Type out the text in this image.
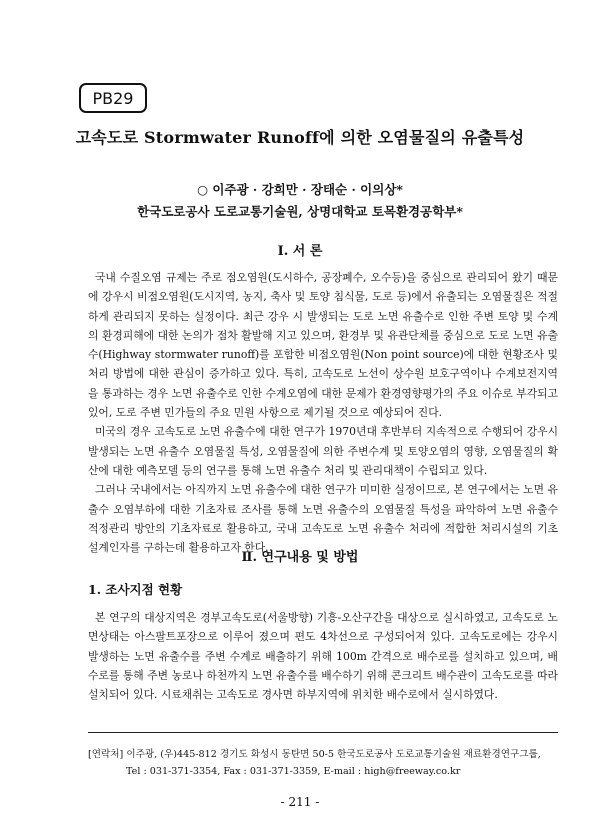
PB29
고속도로 Stormwater Runoff에 의한 오염물질의 유출특성
○ 이주광 · 강희만 · 장태순 · 이의상*
한국도로공사 도로교통기술원, 상명대학교 토목환경공학부*
Ⅰ. 서 론

국내 수질오염 규제는 주로 점오염원(도시하수, 공장폐수, 오수등)을 중심으로 관리되어 왔기 때문에 강우시 비점오염원(도시지역, 농지, 축사 및 토양 침식물, 도로 등)에서 유출되는 오염물질은 적절하게 관리되지 못하는 실정이다. 최근 강우 시 발생되는 도로 노면 유출수로 인한 주변 토양 및 수계의 환경피해에 대한 논의가 점차 활발해 지고 있으며, 환경부 및 유관단체를 중심으로 도로 노면 유출수(Highway stormwater runoff)를 포함한 비점오염원(Non point source)에 대한 현황조사 및 처리 방법에 대한 관심이 증가하고 있다. 특히, 고속도로 노선이 상수원 보호구역이나 수계보전지역을 통과하는 경우 노면 유출수로 인한 수계오염에 대한 문제가 환경영향평가의 주요 이슈로 부각되고 있어, 도로 주변 민가들의 주요 민원 사항으로 제기될 것으로 예상되어 진다.

미국의 경우 고속도로 노면 유출수에 대한 연구가 1970년대 후반부터 지속적으로 수행되어 강우시 발생되는 노면 유출수 오염물질 특성, 오염물질에 의한 주변수계 및 토양오염의 영향, 오염물질의 확산에 대한 예측모델 등의 연구를 통해 노면 유출수 처리 및 관리대책이 수립되고 있다.

그러나 국내에서는 아직까지 노면 유출수에 대한 연구가 미미한 실정이므로, 본 연구에서는 노면 유출수 오염부하에 대한 기초자료 조사를 통해 노면 유출수의 오염물질 특성을 파악하여 노면 유출수 적정관리 방안의 기초자료로 활용하고, 국내 고속도로 노면 유출수 처리에 적합한 처리시설의 기초 설계인자를 구하는데 활용하고자 한다.

Ⅱ. 연구내용 및 방법
1. 조사지점 현황

본 연구의 대상지역은 경부고속도로(서울방향) 기흥-오산구간을 대상으로 실시하였고, 고속도로 노면상태는 아스팔트포장으로 이루어 졌으며 편도 4차선으로 구성되어져 있다. 고속도로에는 강우시 발생하는 노면 유출수를 주변 수계로 배출하기 위해 100m 간격으로 배수로를 설치하고 있으며, 배수로를 통해 주변 농로나 하천까지 노면 유출수를 배수하기 위해 콘크리트 배수관이 고속도로를 따라 설치되어 있다. 시료채취는 고속도로 경사면 하부지역에 위치한 배수로에서 실시하였다.

[연락처] 이주광, (우)445-812 경기도 화성시 동탄면 50-5 한국도로공사 도로교통기술원 재료환경연구그룹,
Tel : 031-371-3354, Fax : 031-371-3359, E-mail : high@freeway.co.kr
- 211 -
